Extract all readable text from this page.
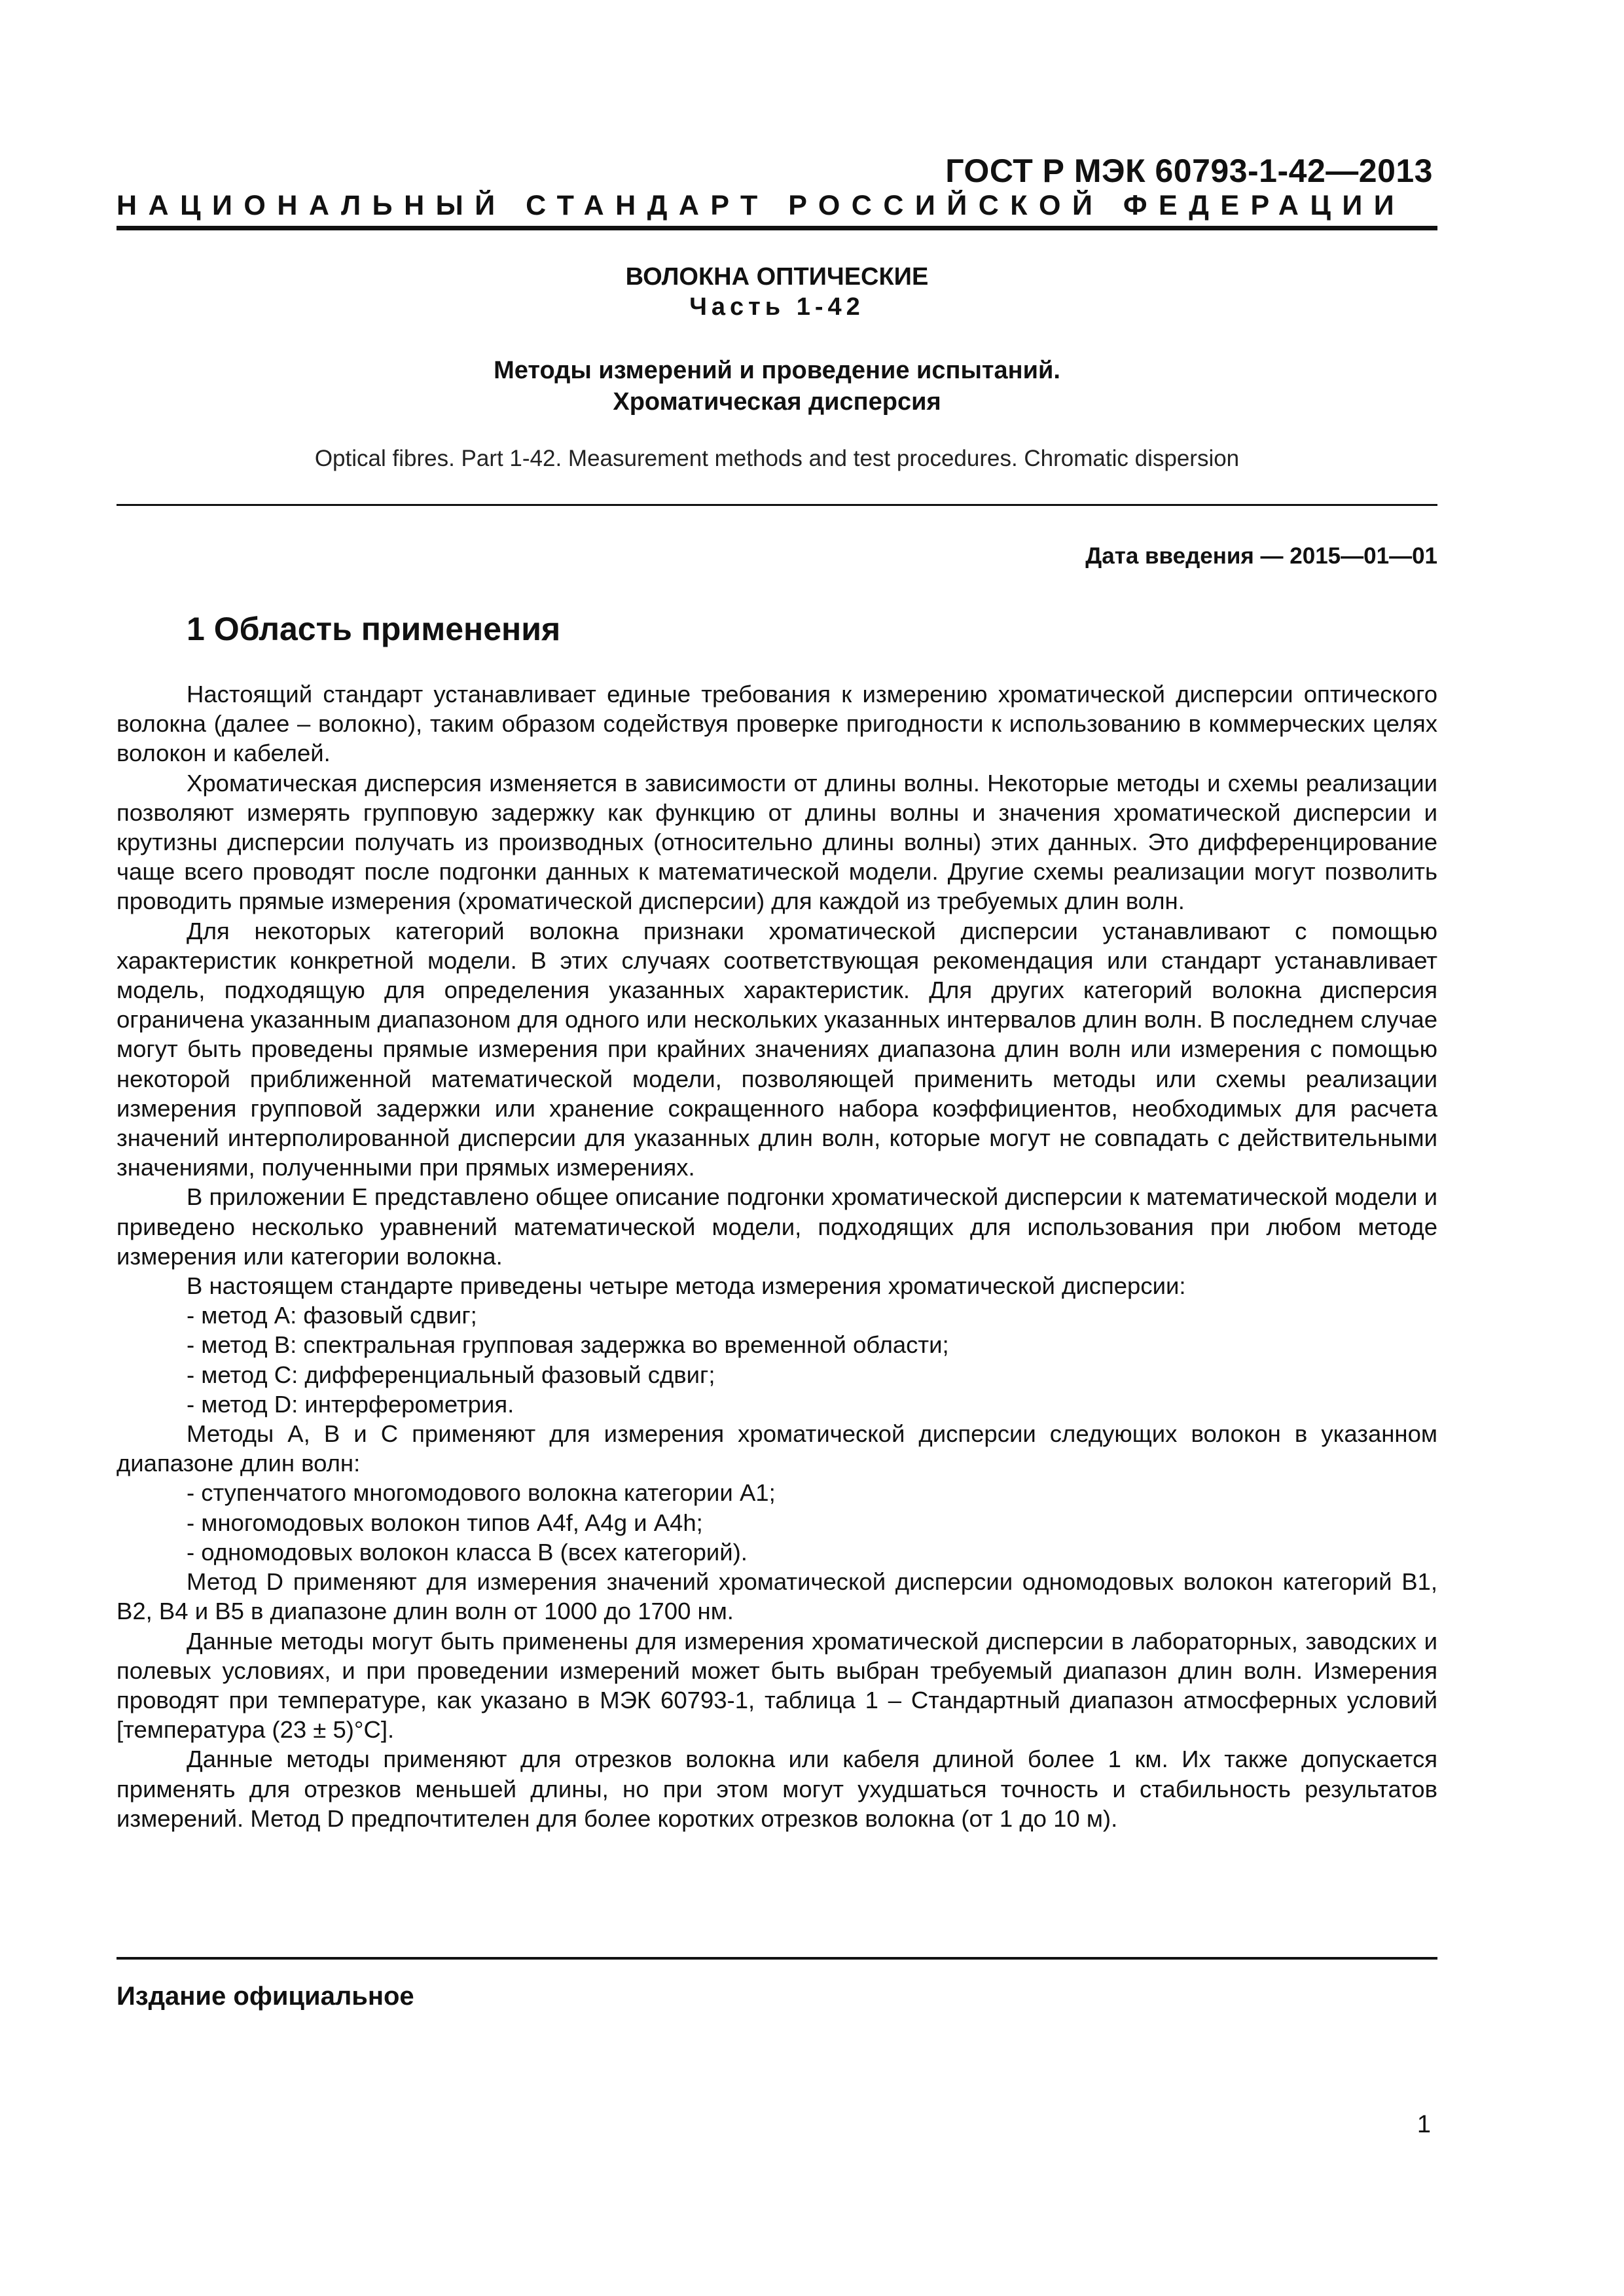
ГОСТ Р МЭК 60793-1-42—2013
НАЦИОНАЛЬНЫЙ СТАНДАРТ РОССИЙСКОЙ ФЕДЕРАЦИИ
ВОЛОКНА ОПТИЧЕСКИЕ
Часть 1-42
Методы измерений и проведение испытаний.
Хроматическая дисперсия
Optical fibres. Part 1-42. Measurement methods and test procedures. Chromatic dispersion
Дата введения — 2015—01—01
1 Область применения

Настоящий стандарт устанавливает единые требования к измерению хроматической дисперсии оптического волокна (далее – волокно), таким образом содействуя проверке пригодности к использованию в коммерческих целях волокон и кабелей.

Хроматическая дисперсия изменяется в зависимости от длины волны. Некоторые методы и схемы реализации позволяют измерять групповую задержку как функцию от длины волны и значения хроматической дисперсии и крутизны дисперсии получать из производных (относительно длины волны) этих данных. Это дифференцирование чаще всего проводят после подгонки данных к математической модели. Другие схемы реализации могут позволить проводить прямые измерения (хроматической дисперсии) для каждой из требуемых длин волн.

Для некоторых категорий волокна признаки хроматической дисперсии устанавливают с помощью характеристик конкретной модели. В этих случаях соответствующая рекомендация или стандарт устанавливает модель, подходящую для определения указанных характеристик. Для других категорий волокна дисперсия ограничена указанным диапазоном для одного или нескольких указанных интервалов длин волн. В последнем случае могут быть проведены прямые измерения при крайних значениях диапазона длин волн или измерения с помощью некоторой приближенной математической модели, позволяющей применить методы или схемы реализации измерения групповой задержки или хранение сокращенного набора коэффициентов, необходимых для расчета значений интерполированной дисперсии для указанных длин волн, которые могут не совпадать с действительными значениями, полученными при прямых измерениях.

В приложении Е представлено общее описание подгонки хроматической дисперсии к математической модели и приведено несколько уравнений математической модели, подходящих для использования при любом методе измерения или категории волокна.

В настоящем стандарте приведены четыре метода измерения хроматической дисперсии:

- метод А: фазовый сдвиг;

- метод В: спектральная групповая задержка во временной области;

- метод С: дифференциальный фазовый сдвиг;

- метод D: интерферометрия.

Методы А, В и С применяют для измерения хроматической дисперсии следующих волокон в указанном диапазоне длин волн:

- ступенчатого многомодового волокна категории А1;

- многомодовых волокон типов A4f, A4g и A4h;

- одномодовых волокон класса В (всех категорий).

Метод D применяют для измерения значений хроматической дисперсии одномодовых волокон категорий В1, В2, В4 и В5 в диапазоне длин волн от 1000 до 1700 нм.

Данные методы могут быть применены для измерения хроматической дисперсии в лабораторных, заводских и полевых условиях, и при проведении измерений может быть выбран требуемый диапазон длин волн. Измерения проводят при температуре, как указано в МЭК 60793-1, таблица 1 – Стандартный диапазон атмосферных условий [температура (23 ± 5)°С].

Данные методы применяют для отрезков волокна или кабеля длиной более 1 км. Их также допускается применять для отрезков меньшей длины, но при этом могут ухудшаться точность и стабильность результатов измерений. Метод D предпочтителен для более коротких отрезков волокна (от 1 до 10 м).

Издание официальное
1
